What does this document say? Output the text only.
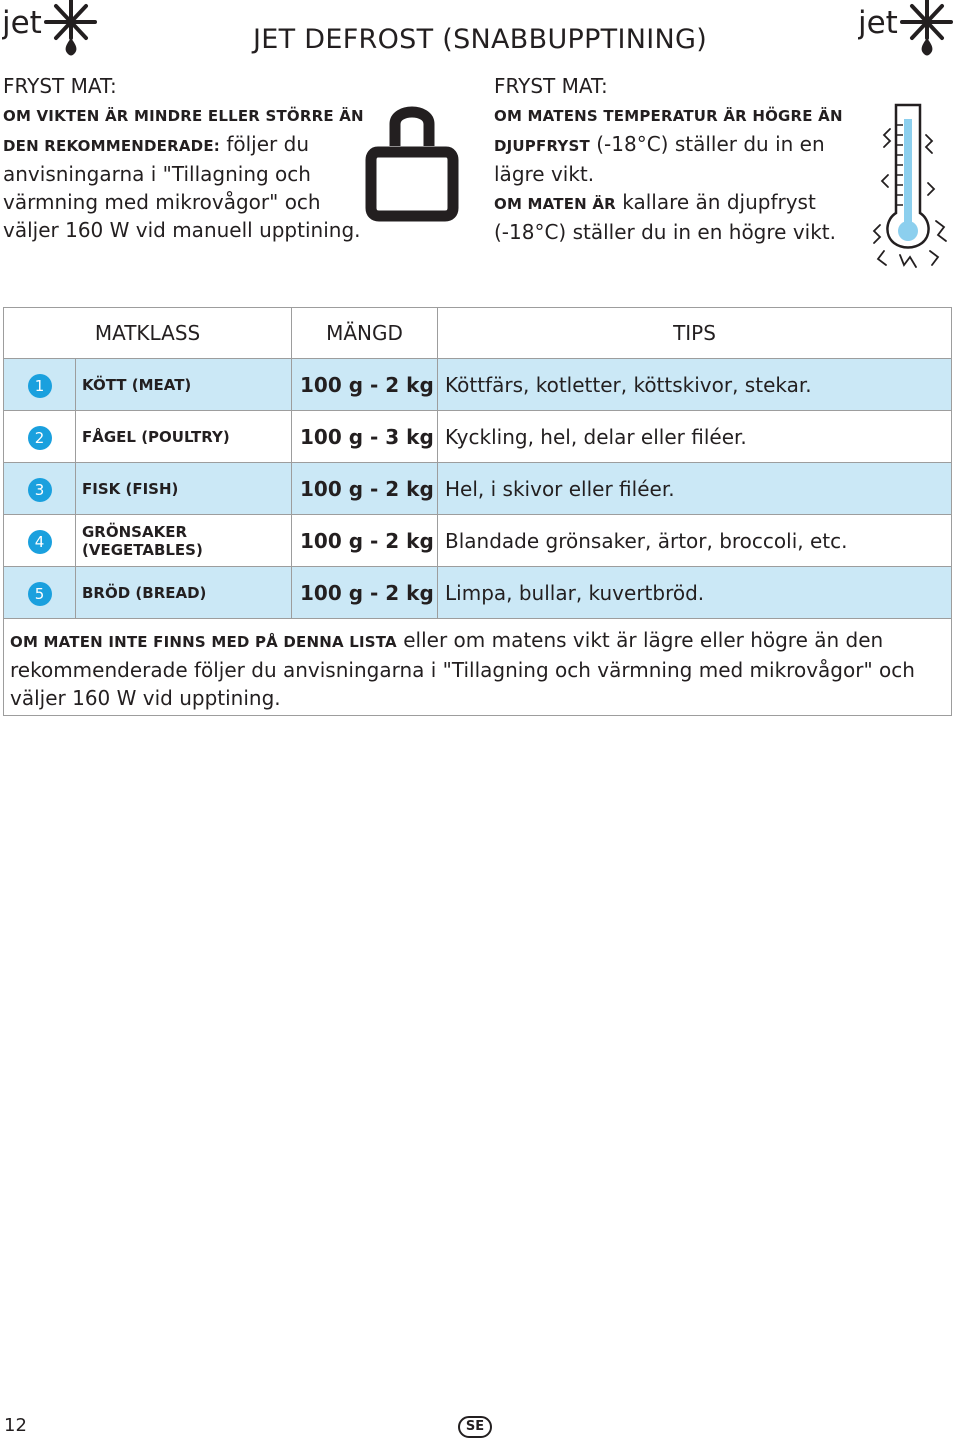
jet	jet
JET DEFROST (SNABBUPPTINING)
FRYST MAT:
OM VIKTEN ÄR MINDRE ELLER STÖRRE ÄN DEN REKOMMENDERADE: följer du anvisningarna i "Tillagning och värmning med mikrovågor" och väljer 160 W vid manuell upptining.
FRYST MAT:
OM MATENS TEMPERATUR ÄR HÖGRE ÄN DJUPFRYST (-18°C) ställer du in en lägre vikt.
OM MATEN ÄR kallare än djupfryst (-18°C) ställer du in en högre vikt.
MATKLASS		MÄNGD	TIPS
1	KÖTT (MEAT)	100 g - 2 kg	Köttfärs, kotletter, köttskivor, stekar.
2	FÅGEL (POULTRY)	100 g - 3 kg	Kyckling, hel, delar eller filéer.
3	FISK (FISH)	100 g - 2 kg	Hel, i skivor eller filéer.
4	GRÖNSAKER (VEGETABLES)	100 g - 2 kg	Blandade grönsaker, ärtor, broccoli, etc.
5	BRÖD (BREAD)	100 g - 2 kg	Limpa, bullar, kuvertbröd.
OM MATEN INTE FINNS MED PÅ DENNA LISTA eller om matens vikt är lägre eller högre än den rekommenderade följer du anvisningarna i "Tillagning och värmning med mikrovågor" och väljer 160 W vid upptining.			
12	SE
